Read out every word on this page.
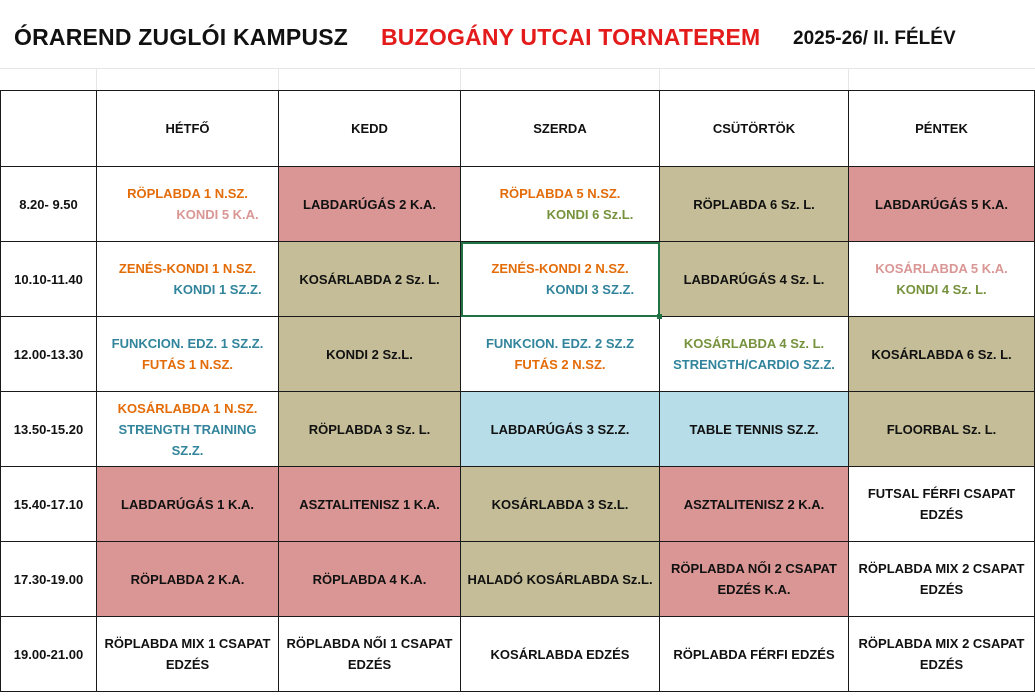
ÓRAREND ZUGLÓI KAMPUSZ BUZOGÁNY UTCAI TORNATEREM 2025-26/ II. FÉLÉV
	HÉTFŐ	KEDD	SZERDA	CSÜTÖRTÖK	PÉNTEK
8.20- 9.50	RÖPLABDA 1 N.SZ.
KONDI 5 K.A.	LABDARÚGÁS 2 K.A.	RÖPLABDA 5 N.SZ.
KONDI 6 Sz.L.	RÖPLABDA 6 Sz. L.	LABDARÚGÁS 5 K.A.

10.10-11.40	ZENÉS-KONDI 1 N.SZ.
KONDI 1 SZ.Z.	KOSÁRLABDA 2 Sz. L.	ZENÉS-KONDI 2 N.SZ.
KONDI 3 SZ.Z.	LABDARÚGÁS 4 Sz. L.	KOSÁRLABDA 5 K.A.
KONDI 4 Sz. L.

12.00-13.30	FUNKCION. EDZ. 1 SZ.Z.
FUTÁS 1 N.SZ.	KONDI 2 Sz.L.	FUNKCION. EDZ. 2 SZ.Z
FUTÁS 2 N.SZ.	KOSÁRLABDA 4 Sz. L.
STRENGTH/CARDIO SZ.Z.	KOSÁRLABDA 6 Sz. L.

13.50-15.20	KOSÁRLABDA 1 N.SZ.
STRENGTH TRAINING
SZ.Z.	RÖPLABDA 3 Sz. L.	LABDARÚGÁS 3 SZ.Z.	TABLE TENNIS SZ.Z.	FLOORBAL Sz. L.

15.40-17.10	LABDARÚGÁS 1 K.A.	ASZTALITENISZ 1 K.A.	KOSÁRLABDA 3 Sz.L.	ASZTALITENISZ 2 K.A.	FUTSAL FÉRFI CSAPAT
EDZÉS

17.30-19.00	RÖPLABDA 2 K.A.	RÖPLABDA 4 K.A.	HALADÓ KOSÁRLABDA Sz.L.	RÖPLABDA NŐI 2 CSAPAT
EDZÉS K.A.	RÖPLABDA MIX 2 CSAPAT
EDZÉS

19.00-21.00	RÖPLABDA MIX 1 CSAPAT
EDZÉS	RÖPLABDA NŐI 1 CSAPAT
EDZÉS	KOSÁRLABDA EDZÉS	RÖPLABDA FÉRFI EDZÉS	RÖPLABDA MIX 2 CSAPAT
EDZÉS
